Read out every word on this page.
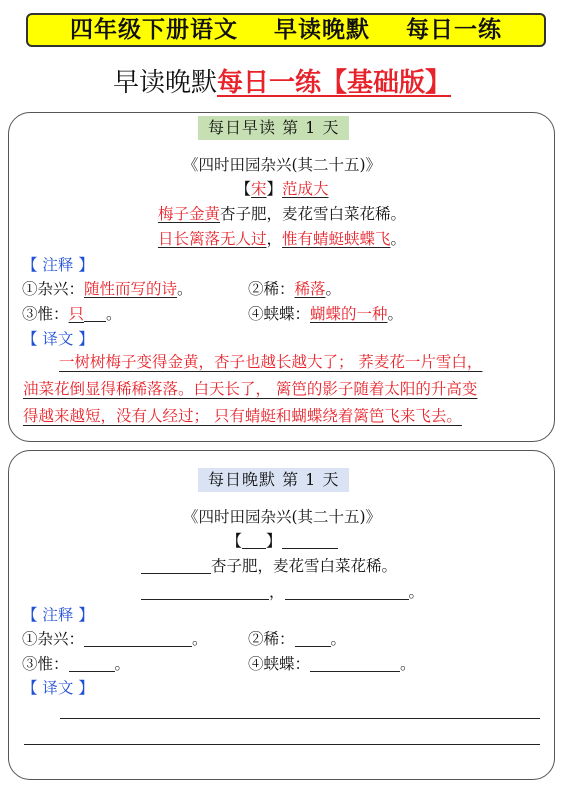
四年级下册语文    早读晚默    每日一练
早读晚默每日一练【基础版】
每日早读 第 1 天
《四时田园杂兴(其二十五)》
【宋】范成大
梅子金黄杏子肥，麦花雪白菜花稀。
日长篱落无人过，惟有蜻蜓蛱蝶飞。
【 注释 】
①杂兴：随性而写的诗。	②稀：稀落。
③惟：只 。	④蛱蝶：蝴蝶的一种。
【 译文 】
一树树梅子变得金黄，杏子也越长越大了； 荞麦花一片雪白，
油菜花倒显得稀稀落落。白天长了， 篱笆的影子随着太阳的升高变
得越来越短，没有人经过； 只有蜻蜓和蝴蝶绕着篱笆飞来飞去。
每日晚默 第 1 天
《四时田园杂兴(其二十五)》
【 】
杏子肥，麦花雪白菜花稀。
，	。
【 注释 】
①杂兴：	。	②稀： 。
③惟：	。	④蛱蝶：	。
【 译文 】
